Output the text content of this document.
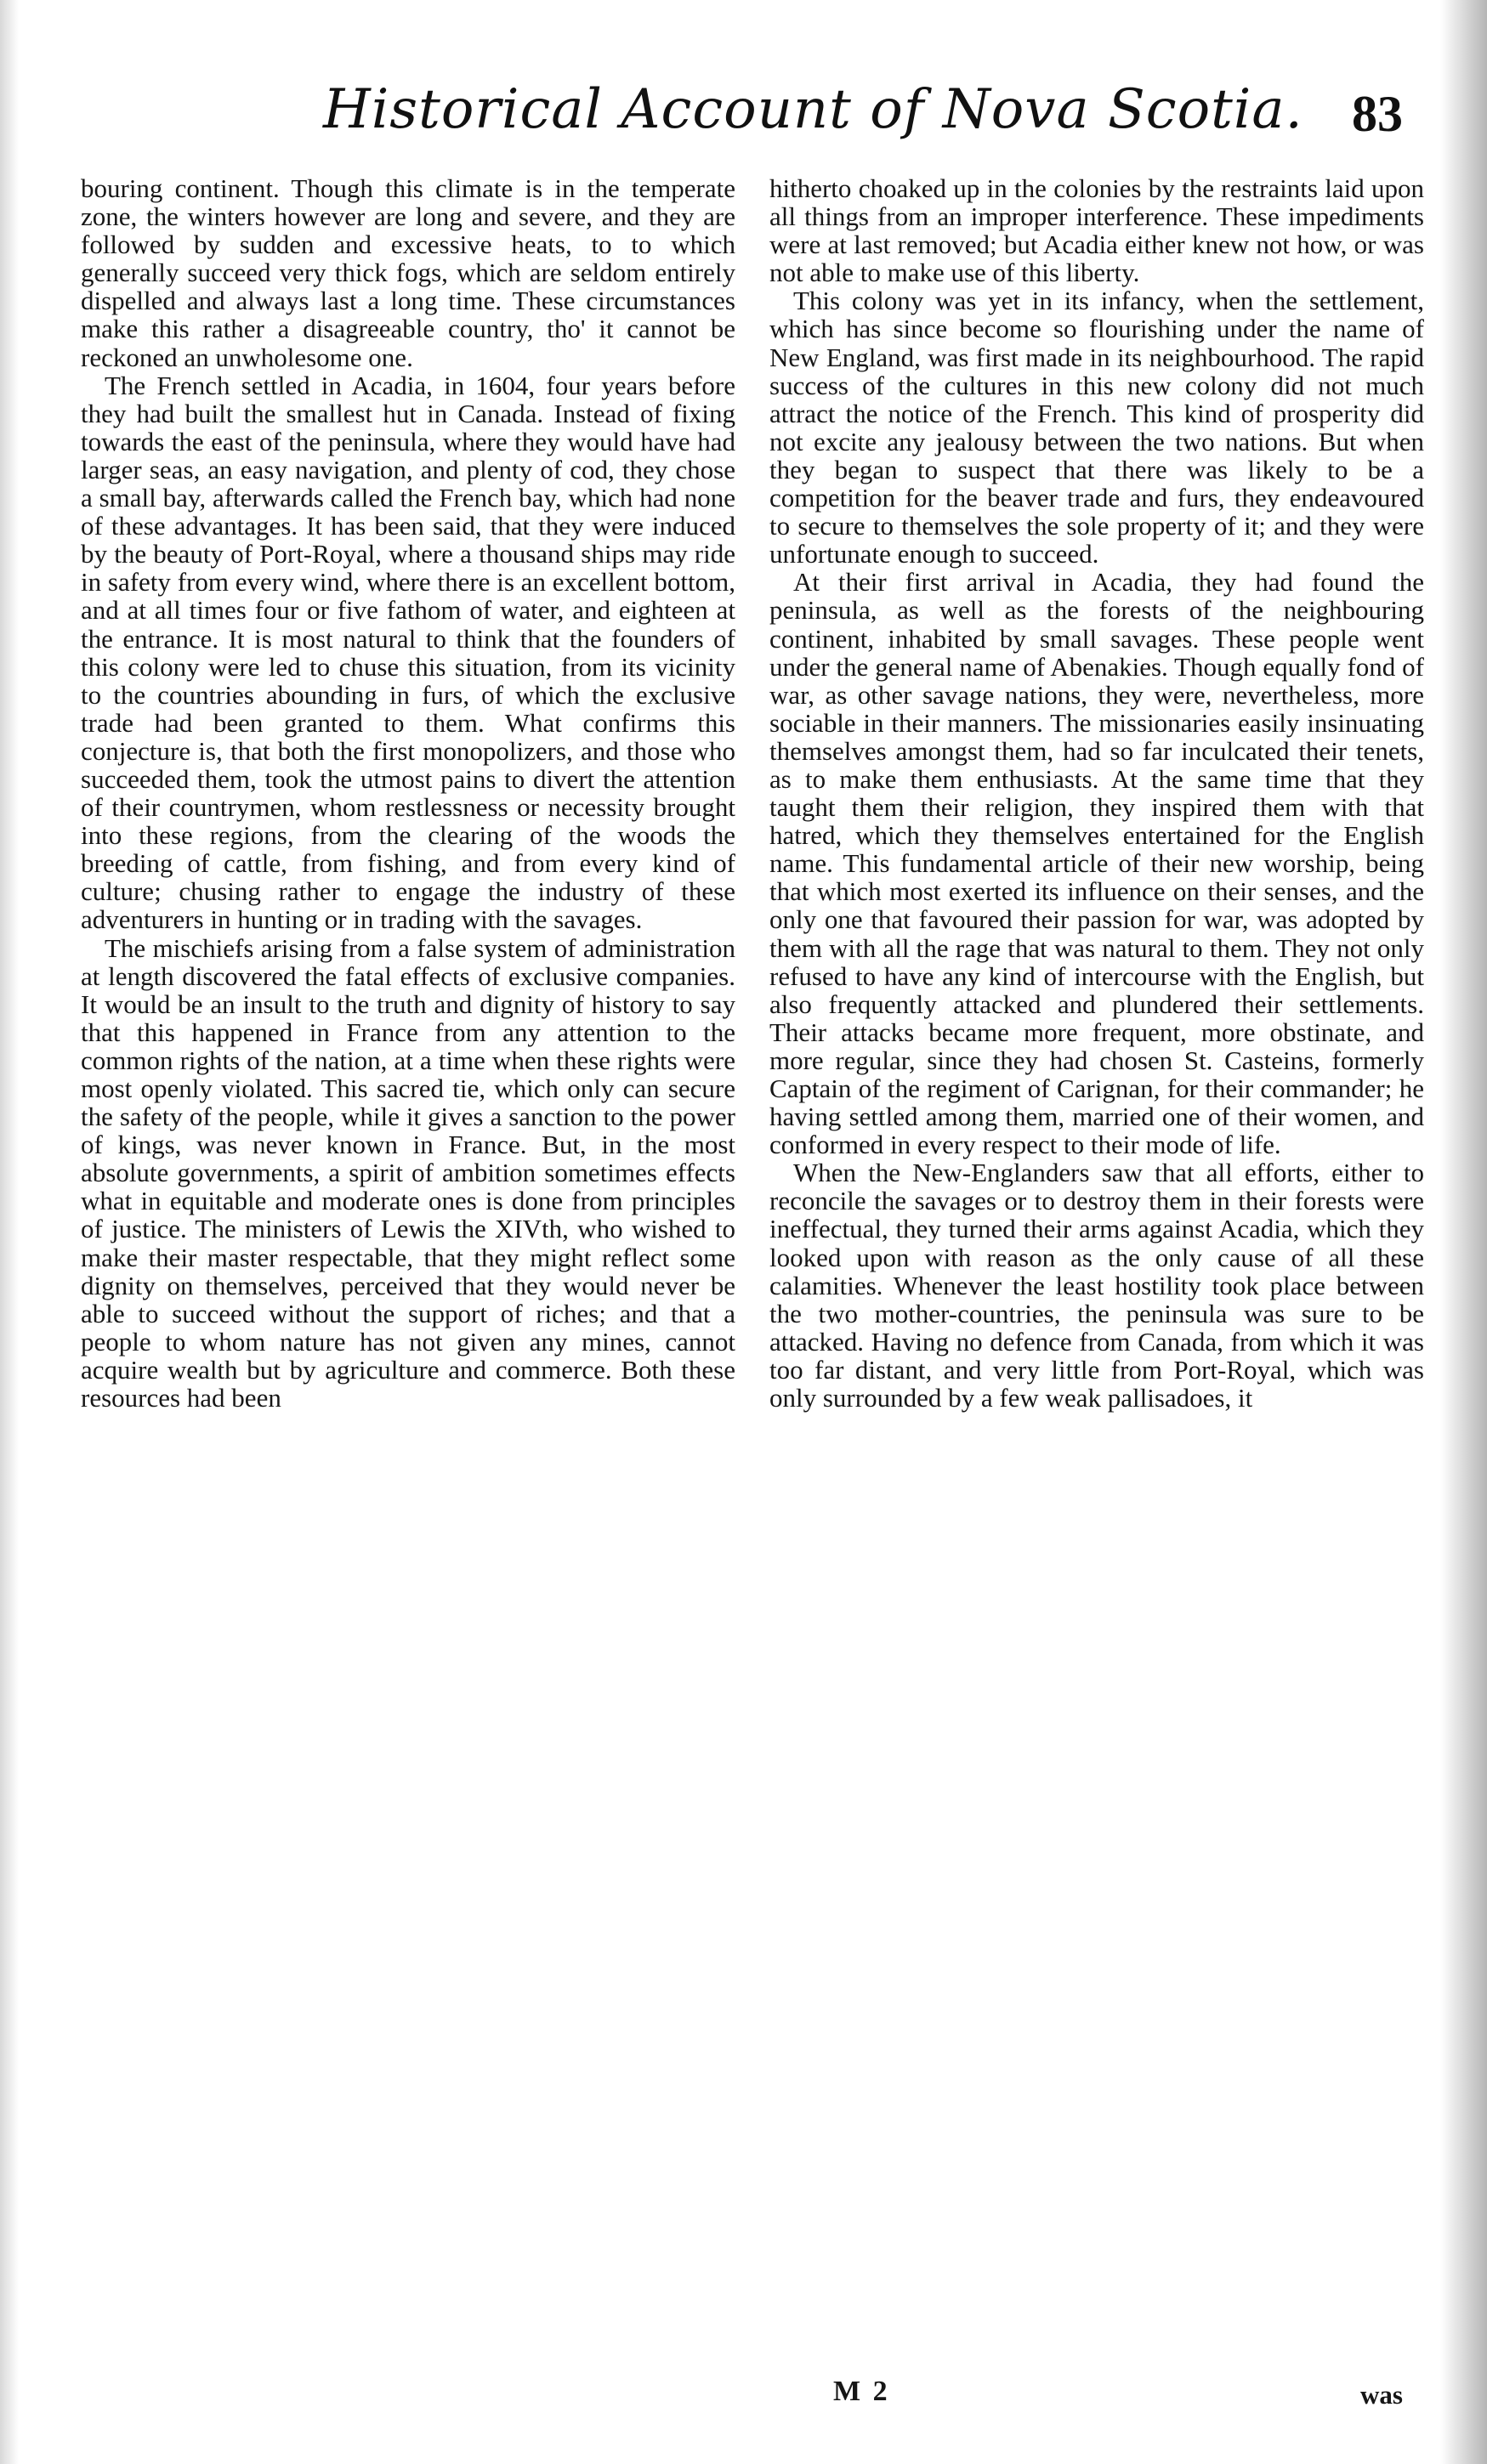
Historical Account of Nova Scotia. 83

bouring continent. Though this climate is in the temperate zone, the winters however are long and severe, and they are followed by sudden and excessive heats, to to which generally succeed very thick fogs, which are seldom entirely dispelled and always last a long time. These circumstances make this rather a disagreeable country, tho' it cannot be reckoned an unwholesome one.

The French settled in Acadia, in 1604, four years before they had built the smallest hut in Canada. Instead of fixing towards the east of the peninsula, where they would have had larger seas, an easy navigation, and plenty of cod, they chose a small bay, afterwards called the French bay, which had none of these advantages. It has been said, that they were induced by the beauty of Port-Royal, where a thousand ships may ride in safety from every wind, where there is an excellent bottom, and at all times four or five fathom of water, and eighteen at the entrance. It is most natural to think that the founders of this colony were led to chuse this situation, from its vicinity to the countries abounding in furs, of which the exclusive trade had been granted to them. What confirms this conjecture is, that both the first monopolizers, and those who succeeded them, took the utmost pains to divert the attention of their countrymen, whom restlessness or necessity brought into these regions, from the clearing of the woods the breeding of cattle, from fishing, and from every kind of culture; chusing rather to engage the industry of these adventurers in hunting or in trading with the savages.

The mischiefs arising from a false system of administration at length discovered the fatal effects of exclusive companies. It would be an insult to the truth and dignity of history to say that this happened in France from any attention to the common rights of the nation, at a time when these rights were most openly violated. This sacred tie, which only can secure the safety of the people, while it gives a sanction to the power of kings, was never known in France. But, in the most absolute governments, a spirit of ambition sometimes effects what in equitable and moderate ones is done from principles of justice. The ministers of Lewis the XIVth, who wished to make their master respectable, that they might reflect some dignity on themselves, perceived that they would never be able to succeed without the support of riches; and that a people to whom nature has not given any mines, cannot acquire wealth but by agriculture and commerce. Both these resources had been

hitherto choaked up in the colonies by the restraints laid upon all things from an improper interference. These impediments were at last removed; but Acadia either knew not how, or was not able to make use of this liberty.

This colony was yet in its infancy, when the settlement, which has since become so flourishing under the name of New England, was first made in its neighbourhood. The rapid success of the cultures in this new colony did not much attract the notice of the French. This kind of prosperity did not excite any jealousy between the two nations. But when they began to suspect that there was likely to be a competition for the beaver trade and furs, they endeavoured to secure to themselves the sole property of it; and they were unfortunate enough to succeed.

At their first arrival in Acadia, they had found the peninsula, as well as the forests of the neighbouring continent, inhabited by small savages. These people went under the general name of Abenakies. Though equally fond of war, as other savage nations, they were, nevertheless, more sociable in their manners. The missionaries easily insinuating themselves amongst them, had so far inculcated their tenets, as to make them enthusiasts. At the same time that they taught them their religion, they inspired them with that hatred, which they themselves entertained for the English name. This fundamental article of their new worship, being that which most exerted its influence on their senses, and the only one that favoured their passion for war, was adopted by them with all the rage that was natural to them. They not only refused to have any kind of intercourse with the English, but also frequently attacked and plundered their settlements. Their attacks became more frequent, more obstinate, and more regular, since they had chosen St. Casteins, formerly Captain of the regiment of Carignan, for their commander; he having settled among them, married one of their women, and conformed in every respect to their mode of life.

When the New-Englanders saw that all efforts, either to reconcile the savages or to destroy them in their forests were ineffectual, they turned their arms against Acadia, which they looked upon with reason as the only cause of all these calamities. Whenever the least hostility took place between the two mother-countries, the peninsula was sure to be attacked. Having no defence from Canada, from which it was too far distant, and very little from Port-Royal, which was only surrounded by a few weak pallisadoes, it

M 2	was
